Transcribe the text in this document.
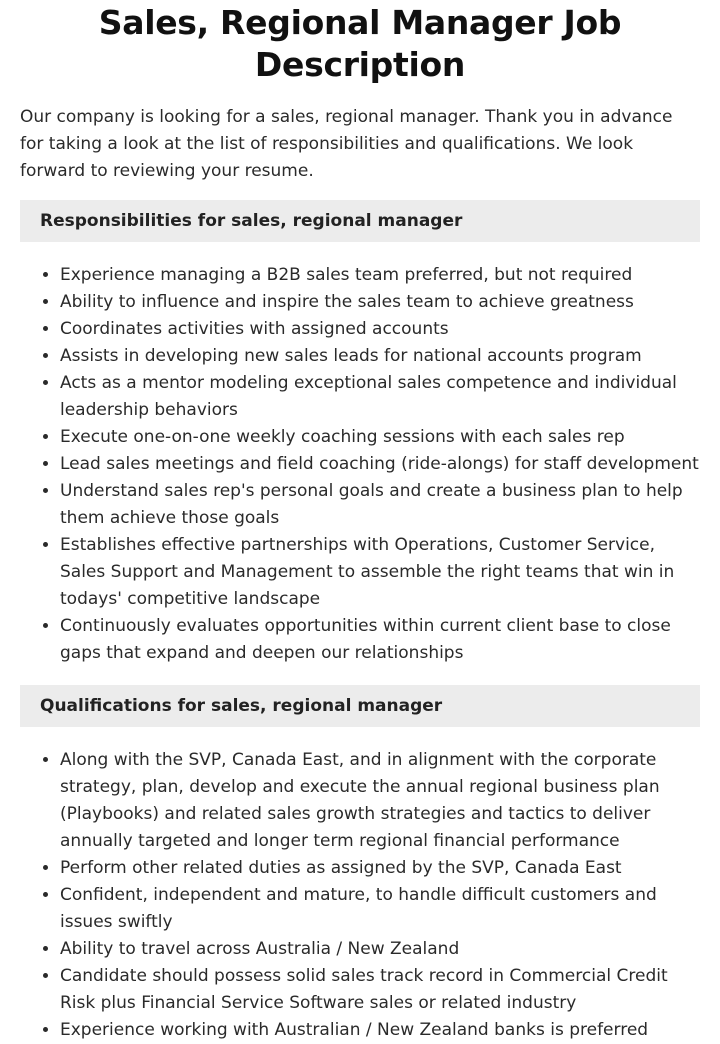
Sales, Regional Manager Job Description

Our company is looking for a sales, regional manager. Thank you in advance for taking a look at the list of responsibilities and qualifications. We look forward to reviewing your resume.

Responsibilities for sales, regional manager
• Experience managing a B2B sales team preferred, but not required
• Ability to influence and inspire the sales team to achieve greatness
• Coordinates activities with assigned accounts
• Assists in developing new sales leads for national accounts program
• Acts as a mentor modeling exceptional sales competence and individual leadership behaviors
• Execute one-on-one weekly coaching sessions with each sales rep
• Lead sales meetings and field coaching (ride-alongs) for staff development
• Understand sales rep's personal goals and create a business plan to help them achieve those goals
• Establishes effective partnerships with Operations, Customer Service, Sales Support and Management to assemble the right teams that win in todays' competitive landscape
• Continuously evaluates opportunities within current client base to close gaps that expand and deepen our relationships
Qualifications for sales, regional manager
• Along with the SVP, Canada East, and in alignment with the corporate strategy, plan, develop and execute the annual regional business plan (Playbooks) and related sales growth strategies and tactics to deliver annually targeted and longer term regional financial performance
• Perform other related duties as assigned by the SVP, Canada East
• Confident, independent and mature, to handle difficult customers and issues swiftly
• Ability to travel across Australia / New Zealand
• Candidate should possess solid sales track record in Commercial Credit Risk plus Financial Service Software sales or related industry
• Experience working with Australian / New Zealand banks is preferred
